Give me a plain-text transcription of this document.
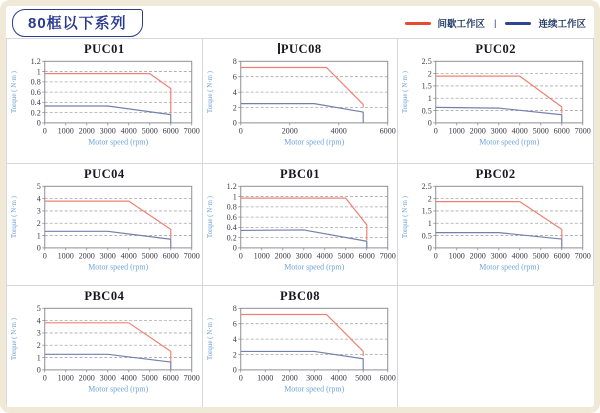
80框以下系列	间歇工作区 |	连续工作区
PUC01
0
0.2
0.4
0.6
0.8
1
1.2
0 1000 2000 3000 4000 5000 6000 7000
Torque ( N·m )
Motor speed (rpm)
PUC08
0
2
4
6
8
0	2000	4000	6000
Torque ( N·m )
Motor speed (rpm)
PUC02
0
0.5
1
1.5
2
2.5
0 1000 2000 3000 4000 5000 6000 7000
Torque ( N·m )
Motor speed (rpm)
PUC04
0
1
2
3
4
5
0 1000 2000 3000 4000 5000 6000 7000
Torque ( N·m )
Motor speed (rpm)
PBC01
0
0.2
0.4
0.6
0.8
1
1.2
0 1000 2000 3000 4000 5000 6000 7000
Torque ( N·m )
Motor speed (rpm)
PBC02
0
0.5
1
1.5
2
2.5
0 1000 2000 3000 4000 5000 6000 7000
Torque ( N·m )
Motor speed (rpm)
PBC04
0
1
2
3
4
5
0 1000 2000 3000 4000 5000 6000 7000
Torque ( N·m )
Motor speed (rpm)
PBC08
0
2
4
6
8
0 1000 2000 3000 4000 5000 6000
Torque ( N·m )
Motor speed (rpm)
